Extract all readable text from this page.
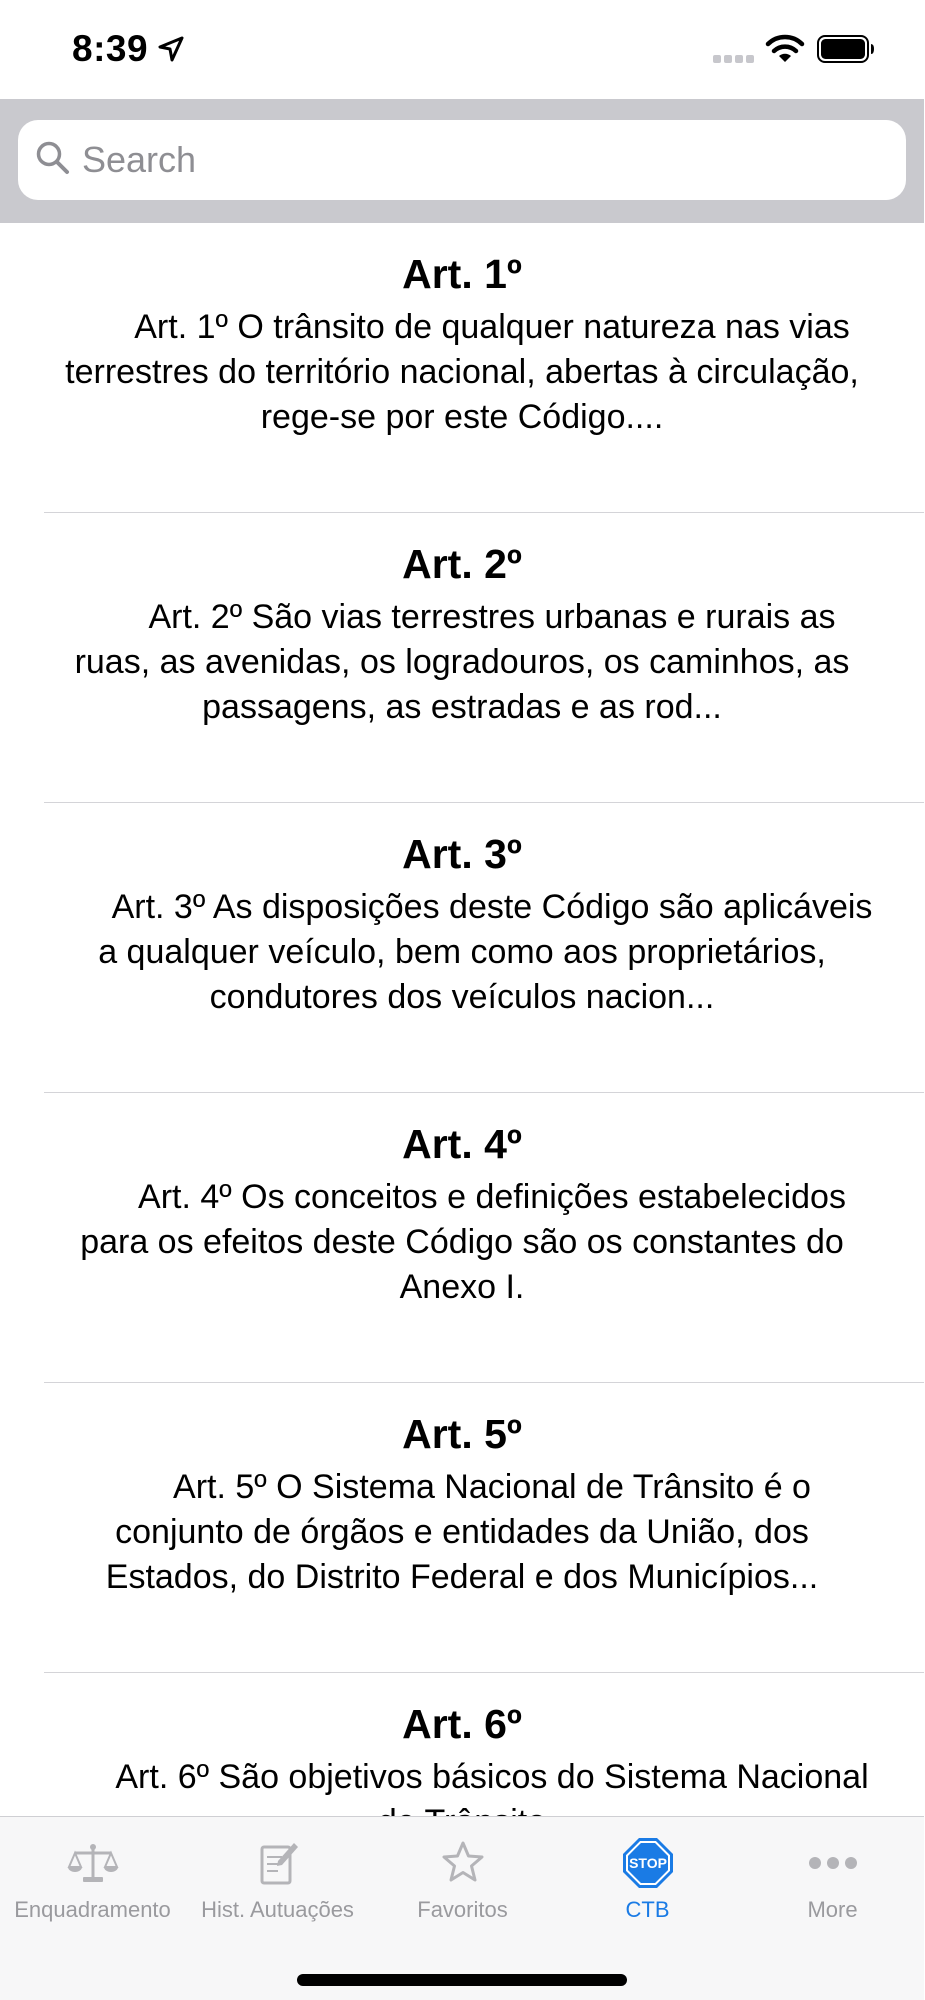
8:39
Search
Art. 1º
Art. 1º O trânsito de qualquer natureza nas vias terrestres do território nacional, abertas à circulação, rege-se por este Código....
Art. 2º
Art. 2º São vias terrestres urbanas e rurais as ruas, as avenidas, os logradouros, os caminhos, as passagens, as estradas e as rod...
Art. 3º
Art. 3º As disposições deste Código são aplicáveis a qualquer veículo, bem como aos proprietários, condutores dos veículos nacion...
Art. 4º
Art. 4º Os conceitos e definições estabelecidos para os efeitos deste Código são os constantes do Anexo I.
Art. 5º
Art. 5º O Sistema Nacional de Trânsito é o conjunto de órgãos e entidades da União, dos Estados, do Distrito Federal e dos Municípios...
Art. 6º
Art. 6º São objetivos básicos do Sistema Nacional
Enquadramento	Hist. Autuações	Favoritos
STOP
CTB	More
